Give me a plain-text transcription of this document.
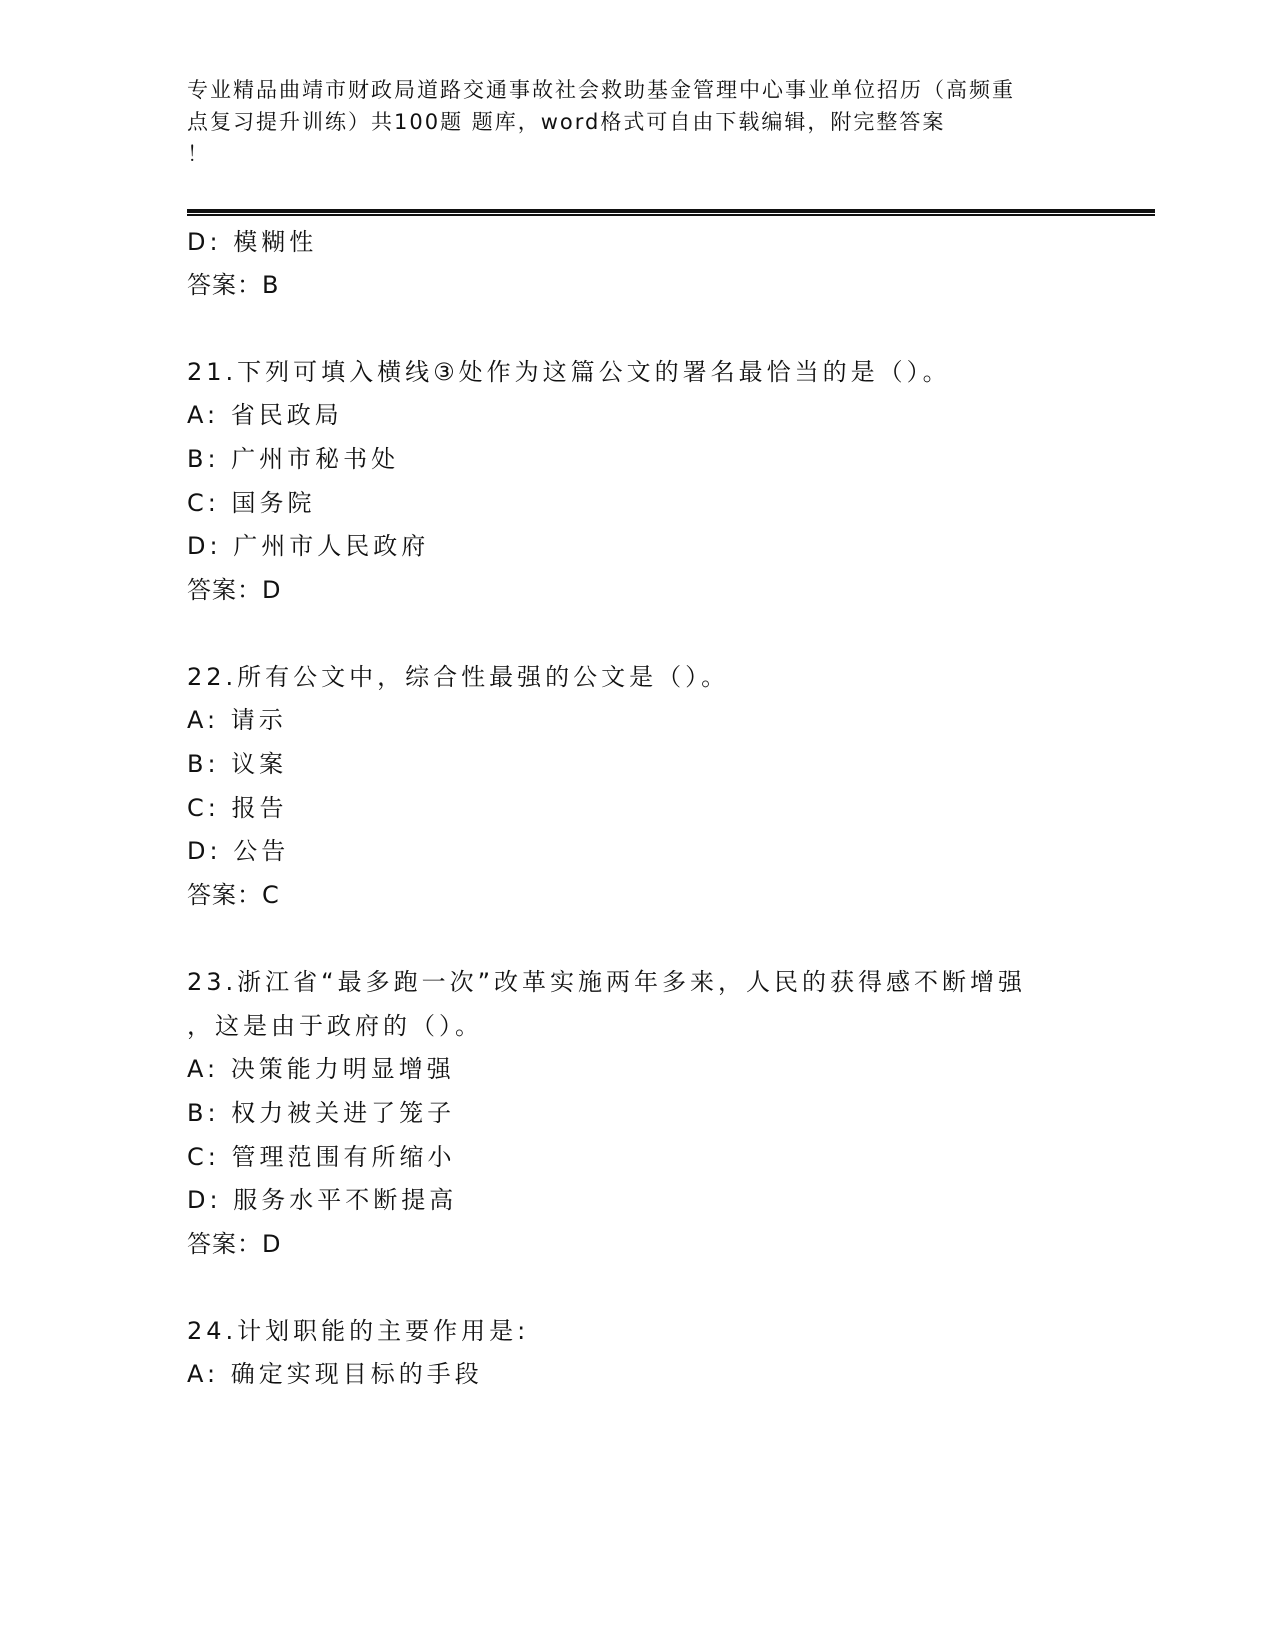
专业精品曲靖市财政局道路交通事故社会救助基金管理中心事业单位招历（高频重
点复习提升训练）共100题 题库，word格式可自由下载编辑，附完整答案
！
D: 模糊性
答案：B
21.下列可填入横线③处作为这篇公文的署名最恰当的是（）。
A: 省民政局
B: 广州市秘书处
C: 国务院
D: 广州市人民政府
答案：D
22.所有公文中，综合性最强的公文是（）。
A: 请示
B: 议案
C: 报告
D: 公告
答案：C
23.浙江省“最多跑一次”改革实施两年多来，人民的获得感不断增强
，这是由于政府的（）。
A: 决策能力明显增强
B: 权力被关进了笼子
C: 管理范围有所缩小
D: 服务水平不断提高
答案：D
24.计划职能的主要作用是:
A: 确定实现目标的手段
